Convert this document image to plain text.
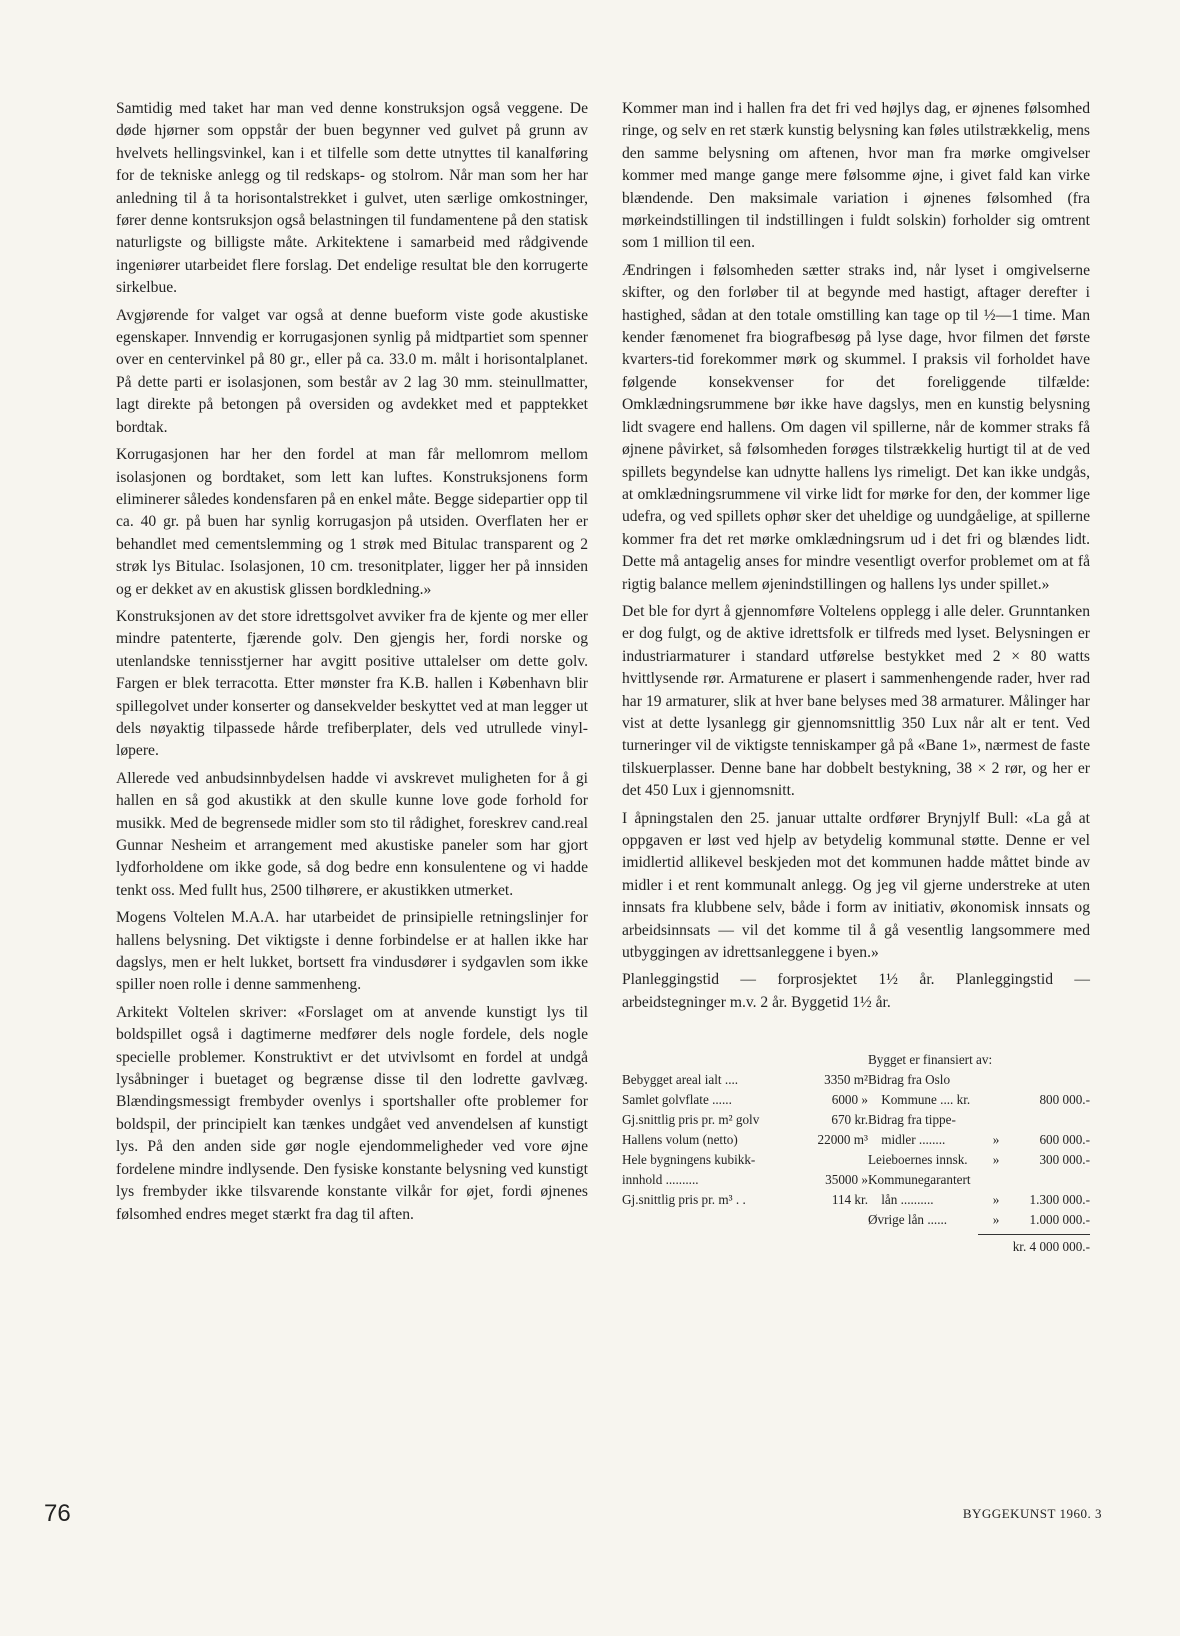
Samtidig med taket har man ved denne konstruksjon også veggene. De døde hjørner som oppstår der buen begynner ved gulvet på grunn av hvelvets hellingsvinkel, kan i et tilfelle som dette utnyttes til kanalføring for de tekniske anlegg og til redskaps- og stolrom. Når man som her har anledning til å ta horisontalstrekket i gulvet, uten særlige omkostninger, fører denne kontsruksjon også belastningen til fundamentene på den statisk naturligste og billigste måte. Arkitektene i samarbeid med rådgivende ingeniører utarbeidet flere forslag. Det endelige resultat ble den korrugerte sirkelbue.

Avgjørende for valget var også at denne bueform viste gode akustiske egenskaper. Innvendig er korrugasjonen synlig på midtpartiet som spenner over en centervinkel på 80 gr., eller på ca. 33.0 m. målt i horisontalplanet. På dette parti er isolasjonen, som består av 2 lag 30 mm. steinullmatter, lagt direkte på betongen på oversiden og avdekket med et papptekket bordtak.

Korrugasjonen har her den fordel at man får mellomrom mellom isolasjonen og bordtaket, som lett kan luftes. Konstruksjonens form eliminerer således kondensfaren på en enkel måte. Begge sidepartier opp til ca. 40 gr. på buen har synlig korrugasjon på utsiden. Overflaten her er behandlet med cementslemming og 1 strøk med Bitulac transparent og 2 strøk lys Bitulac. Isolasjonen, 10 cm. tresonitplater, ligger her på innsiden og er dekket av en akustisk glissen bordkledning.»

Konstruksjonen av det store idrettsgolvet avviker fra de kjente og mer eller mindre patenterte, fjærende golv. Den gjengis her, fordi norske og utenlandske tennisstjerner har avgitt positive uttalelser om dette golv. Fargen er blek terracotta. Etter mønster fra K.B. hallen i København blir spillegolvet under konserter og dansekvelder beskyttet ved at man legger ut dels nøyaktig tilpassede hårde trefiberplater, dels ved utrullede vinyl-løpere.

Allerede ved anbudsinnbydelsen hadde vi avskrevet muligheten for å gi hallen en så god akustikk at den skulle kunne love gode forhold for musikk. Med de begrensede midler som sto til rådighet, foreskrev cand.real Gunnar Nesheim et arrangement med akustiske paneler som har gjort lydforholdene om ikke gode, så dog bedre enn konsulentene og vi hadde tenkt oss. Med fullt hus, 2500 tilhørere, er akustikken utmerket.

Mogens Voltelen M.A.A. har utarbeidet de prinsipielle retningslinjer for hallens belysning. Det viktigste i denne forbindelse er at hallen ikke har dagslys, men er helt lukket, bortsett fra vindusdører i sydgavlen som ikke spiller noen rolle i denne sammenheng.

Arkitekt Voltelen skriver: «Forslaget om at anvende kunstigt lys til boldspillet også i dagtimerne medfører dels nogle fordele, dels nogle specielle problemer. Konstruktivt er det utvivlsomt en fordel at undgå lysåbninger i buetaget og begrænse disse til den lodrette gavlvæg. Blændingsmessigt frembyder ovenlys i sportshaller ofte problemer for boldspil, der principielt kan tænkes undgået ved anvendelsen af kunstigt lys. På den anden side gør nogle ejendommeligheder ved vore øjne fordelene mindre indlysende. Den fysiske konstante belysning ved kunstigt lys frembyder ikke tilsvarende konstante vilkår for øjet, fordi øjnenes følsomhed endres meget stærkt fra dag til aften.

Kommer man ind i hallen fra det fri ved højlys dag, er øjnenes følsomhed ringe, og selv en ret stærk kunstig belysning kan føles utilstrækkelig, mens den samme belysning om aftenen, hvor man fra mørke omgivelser kommer med mange gange mere følsomme øjne, i givet fald kan virke blændende. Den maksimale variation i øjnenes følsomhed (fra mørkeindstillingen til indstillingen i fuldt solskin) forholder sig omtrent som 1 million til een.

Ændringen i følsomheden sætter straks ind, når lyset i omgivelserne skifter, og den forløber til at begynde med hastigt, aftager derefter i hastighed, sådan at den totale omstilling kan tage op til ½—1 time. Man kender fænomenet fra biografbesøg på lyse dage, hvor filmen det første kvarters-tid forekommer mørk og skummel. I praksis vil forholdet have følgende konsekvenser for det foreliggende tilfælde: Omklædningsrummene bør ikke have dagslys, men en kunstig belysning lidt svagere end hallens. Om dagen vil spillerne, når de kommer straks få øjnene påvirket, så følsomheden forøges tilstrækkelig hurtigt til at de ved spillets begyndelse kan udnytte hallens lys rimeligt. Det kan ikke undgås, at omklædningsrummene vil virke lidt for mørke for den, der kommer lige udefra, og ved spillets ophør sker det uheldige og uundgåelige, at spillerne kommer fra det ret mørke omklædningsrum ud i det fri og blændes lidt. Dette må antagelig anses for mindre vesentligt overfor problemet om at få rigtig balance mellem øjenindstillingen og hallens lys under spillet.»

Det ble for dyrt å gjennomføre Voltelens opplegg i alle deler. Grunntanken er dog fulgt, og de aktive idrettsfolk er tilfreds med lyset. Belysningen er industriarmaturer i standard utførelse bestykket med 2 × 80 watts hvittlysende rør. Armaturene er plasert i sammenhengende rader, hver rad har 19 armaturer, slik at hver bane belyses med 38 armaturer. Målinger har vist at dette lysanlegg gir gjennomsnittlig 350 Lux når alt er tent. Ved turneringer vil de viktigste tenniskamper gå på «Bane 1», nærmest de faste tilskuerplasser. Denne bane har dobbelt bestykning, 38 × 2 rør, og her er det 450 Lux i gjennomsnitt.

I åpningstalen den 25. januar uttalte ordfører Brynjylf Bull: «La gå at oppgaven er løst ved hjelp av betydelig kommunal støtte. Denne er vel imidlertid allikevel beskjeden mot det kommunen hadde måttet binde av midler i et rent kommunalt anlegg. Og jeg vil gjerne understreke at uten innsats fra klubbene selv, både i form av initiativ, økonomisk innsats og arbeidsinnsats — vil det komme til å gå vesentlig langsommere med utbyggingen av idrettsanleggene i byen.»

Planleggingstid — forprosjektet 1½ år. Planleggingstid — arbeidstegninger m.v. 2 år. Byggetid 1½ år.

Bygget er finansiert av:
Bebygget areal ialt ....	3350 m²
Samlet golvflate ......	6000 »
Gj.snittlig pris pr. m² golv	670 kr.
Hallens volum (netto)	22000 m³
Hele bygningens kubikk-
innhold ..........	35000 »
Gj.snittlig pris pr. m³ . .	114 kr.
Bidrag fra Oslo
Kommune .... kr.	800 000.-
Bidrag fra tippe-
midler ........	»	600 000.-
Leieboernes innsk.	»	300 000.-
Kommunegarantert
lån ..........	»	1.300 000.-
Øvrige lån ......	»	1.000 000.-
kr. 4 000 000.-
76	BYGGEKUNST 1960. 3
